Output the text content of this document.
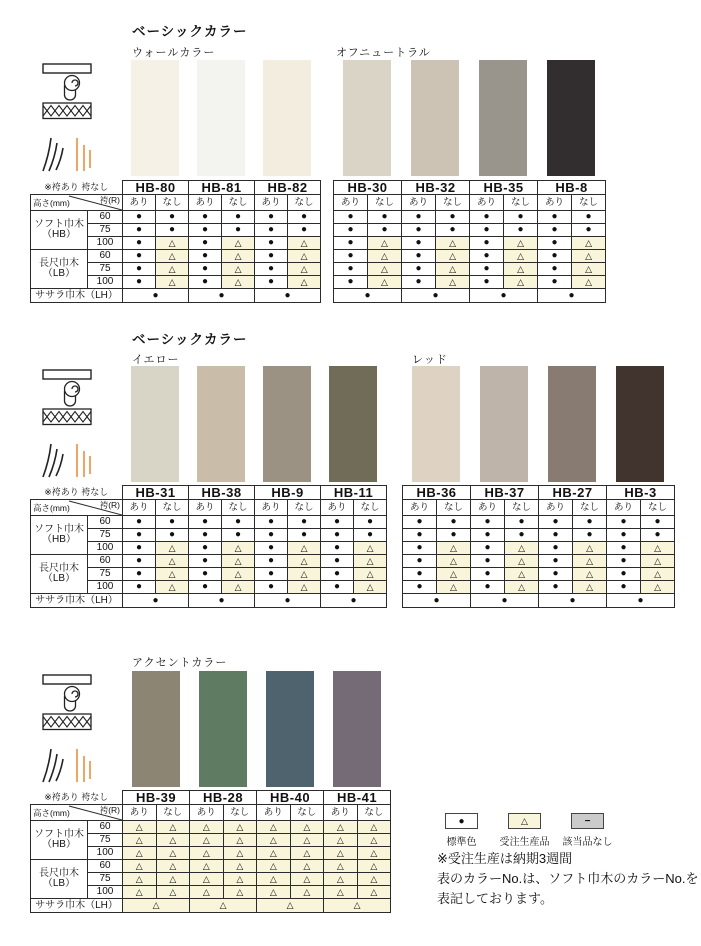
ベーシックカラー
ウォールカラー
※袴あり 袴なし		HB-80		HB-81		HB-82	

高さ(mm) 袴(R)		あり	なし	あり	なし	あり	なし
ソフト巾木
（HB）	60	●	●	●	●	●	●
	75	●	●	●	●	●	●
	100	●	△	●	△	●	△
長尺巾木
（LB）	60	●	△	●	△	●	△
	75	●	△	●	△	●	△
	100	●	△	●	△	●	△
ササラ巾木（LH）		●		●		●	
オフニュートラル
HB-30		HB-32		HB-35		HB-8	
あり	なし	あり	なし	あり	なし	あり	なし
●	●	●	●	●	●	●	●
●	●	●	●	●	●	●	●
●	△	●	△	●	△	●	△
●	△	●	△	●	△	●	△
●	△	●	△	●	△	●	△
●	△	●	△	●	△	●	△
●		●		●		●	
ベーシックカラー
イエロー
※袴あり 袴なし		HB-31		HB-38		HB-9		HB-11	

高さ(mm) 袴(R)		あり	なし	あり	なし	あり	なし	あり	なし
ソフト巾木
（HB）	60	●	●	●	●	●	●	●	●
	75	●	●	●	●	●	●	●	●
	100	●	△	●	△	●	△	●	△
長尺巾木
（LB）	60	●	△	●	△	●	△	●	△
	75	●	△	●	△	●	△	●	△
	100	●	△	●	△	●	△	●	△
ササラ巾木（LH）		●		●		●		●	
レッド
HB-36		HB-37		HB-27		HB-3	
あり	なし	あり	なし	あり	なし	あり	なし
●	●	●	●	●	●	●	●
●	●	●	●	●	●	●	●
●	△	●	△	●	△	●	△
●	△	●	△	●	△	●	△
●	△	●	△	●	△	●	△
●	△	●	△	●	△	●	△
●		●		●		●	
アクセントカラー
※袴あり 袴なし		HB-39		HB-28		HB-40		HB-41	

高さ(mm) 袴(R)		あり	なし	あり	なし	あり	なし	あり	なし
ソフト巾木
（HB）	60	△	△	△	△	△	△	△	△
	75	△	△	△	△	△	△	△	△
	100	△	△	△	△	△	△	△	△
長尺巾木
（LB）	60	△	△	△	△	△	△	△	△
	75	△	△	△	△	△	△	△	△
	100	△	△	△	△	△	△	△	△
ササラ巾木（LH）		△		△		△		△	
●
標準色
△
受注生産品
−
該当品なし
※受注生産は納期3週間
表のカラーNo.は、ソフト巾木のカラーNo.を
表記しております。
